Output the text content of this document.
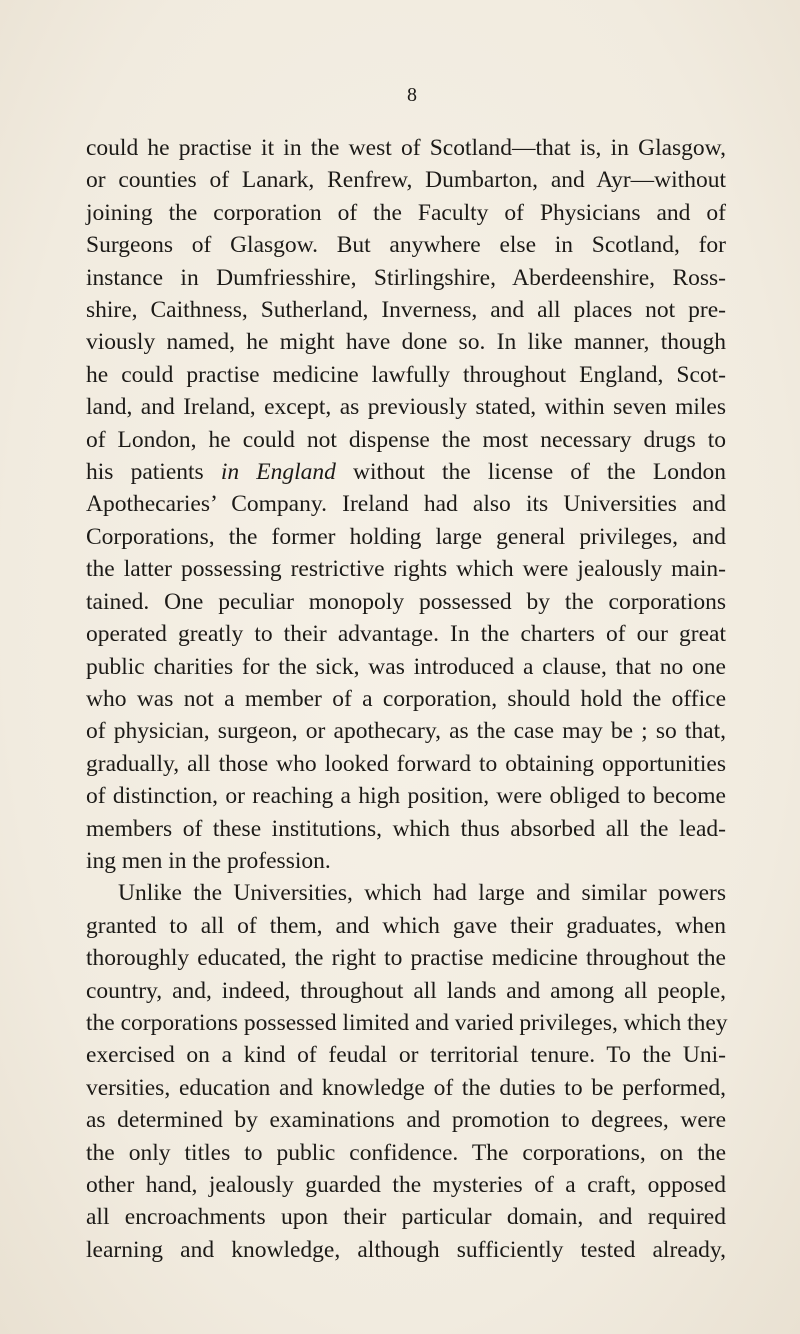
8
could he practise it in the west of Scotland—that is, in Glasgow,
or counties of Lanark, Renfrew, Dumbarton, and Ayr—without
joining the corporation of the Faculty of Physicians and of
Surgeons of Glasgow. But anywhere else in Scotland, for
instance in Dumfriesshire, Stirlingshire, Aberdeenshire, Ross-
shire, Caithness, Sutherland, Inverness, and all places not pre-
viously named, he might have done so. In like manner, though
he could practise medicine lawfully throughout England, Scot-
land, and Ireland, except, as previously stated, within seven miles
of London, he could not dispense the most necessary drugs to
his patients in England without the license of the London
Apothecaries’ Company. Ireland had also its Universities and
Corporations, the former holding large general privileges, and
the latter possessing restrictive rights which were jealously main-
tained. One peculiar monopoly possessed by the corporations
operated greatly to their advantage. In the charters of our great
public charities for the sick, was introduced a clause, that no one
who was not a member of a corporation, should hold the office
of physician, surgeon, or apothecary, as the case may be ; so that,
gradually, all those who looked forward to obtaining opportunities
of distinction, or reaching a high position, were obliged to become
members of these institutions, which thus absorbed all the lead-
ing men in the profession.
Unlike the Universities, which had large and similar powers
granted to all of them, and which gave their graduates, when
thoroughly educated, the right to practise medicine throughout the
country, and, indeed, throughout all lands and among all people,
the corporations possessed limited and varied privileges, which they
exercised on a kind of feudal or territorial tenure. To the Uni-
versities, education and knowledge of the duties to be performed,
as determined by examinations and promotion to degrees, were
the only titles to public confidence. The corporations, on the
other hand, jealously guarded the mysteries of a craft, opposed
all encroachments upon their particular domain, and required
learning and knowledge, although sufficiently tested already,
